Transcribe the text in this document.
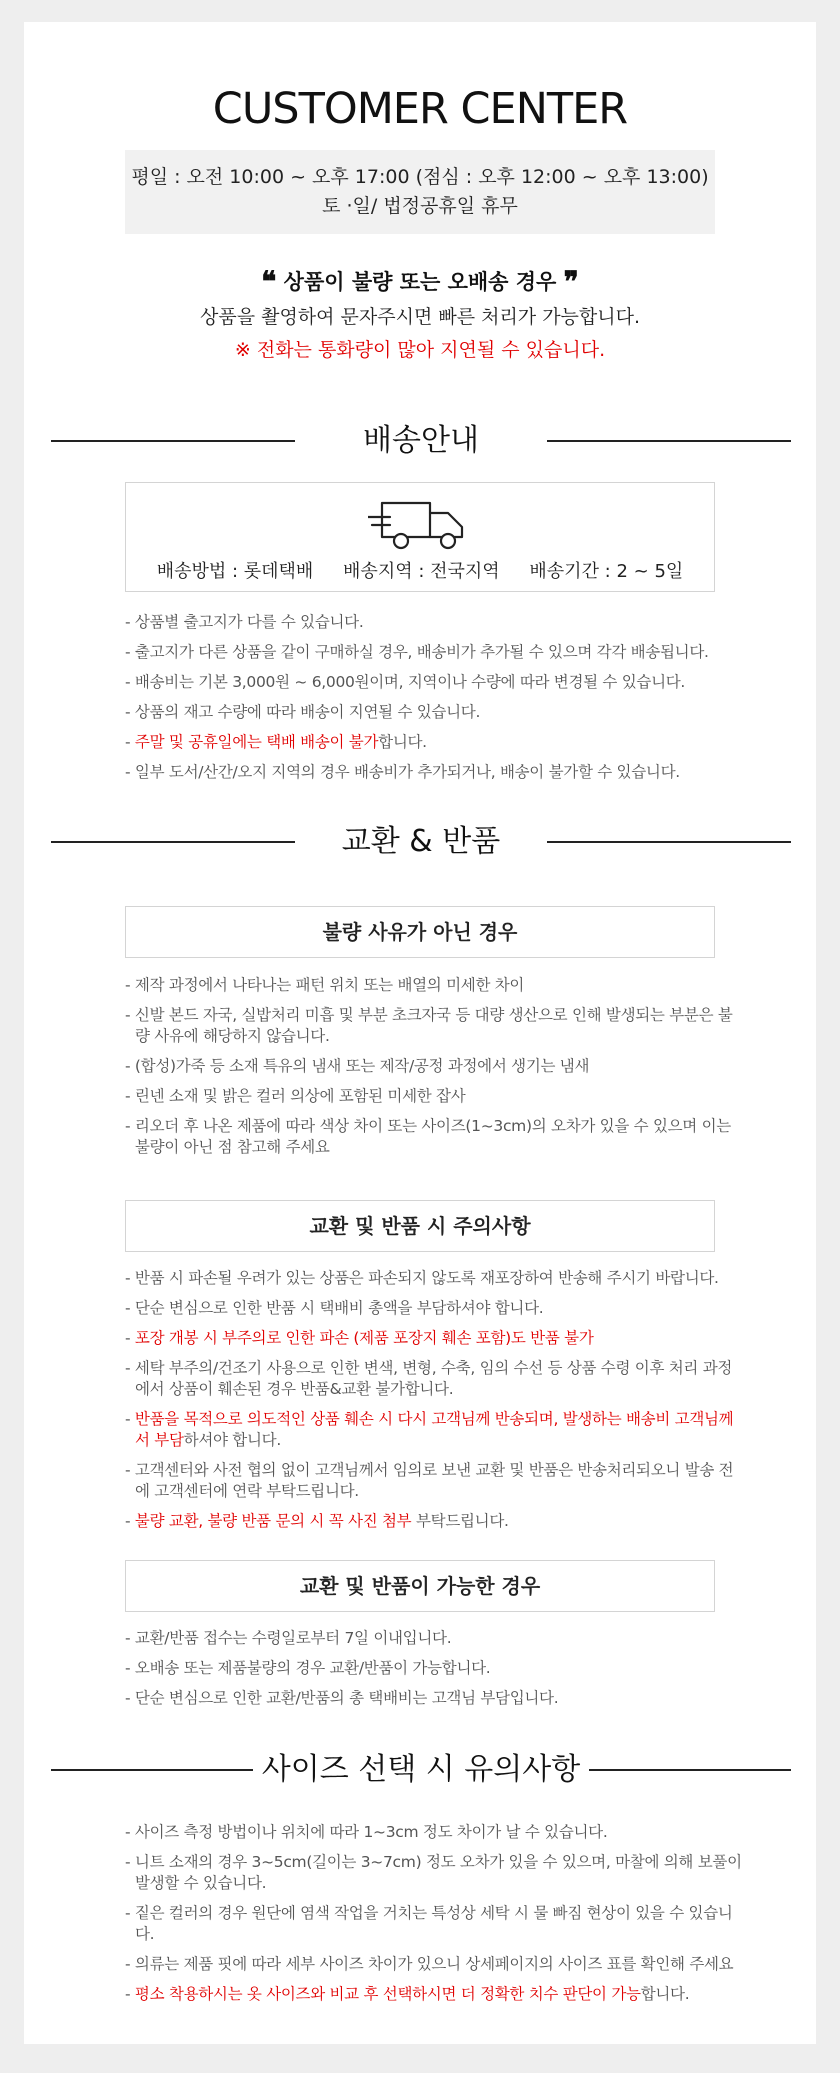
CUSTOMER CENTER
평일 : 오전 10:00 ~ 오후 17:00 (점심 : 오후 12:00 ~ 오후 13:00)
토 ·일/ 법정공휴일 휴무
❝ 상품이 불량 또는 오배송 경우 ❞
상품을 촬영하여 문자주시면 빠른 처리가 가능합니다.
※ 전화는 통화량이 많아 지연될 수 있습니다.
배송안내
배송방법 : 롯데택배 배송지역 : 전국지역 배송기간 : 2 ~ 5일
- 상품별 출고지가 다를 수 있습니다.
- 출고지가 다른 상품을 같이 구매하실 경우, 배송비가 추가될 수 있으며 각각 배송됩니다.
- 배송비는 기본 3,000원 ~ 6,000원이며, 지역이나 수량에 따라 변경될 수 있습니다.
- 상품의 재고 수량에 따라 배송이 지연될 수 있습니다.
- 주말 및 공휴일에는 택배 배송이 불가합니다.
- 일부 도서/산간/오지 지역의 경우 배송비가 추가되거나, 배송이 불가할 수 있습니다.
교환 & 반품
불량 사유가 아닌 경우
- 제작 과정에서 나타나는 패턴 위치 또는 배열의 미세한 차이
- 신발 본드 자국, 실밥처리 미흡 및 부분 초크자국 등 대량 생산으로 인해 발생되는 부분은 불량 사유에 해당하지 않습니다.
- (합성)가죽 등 소재 특유의 냄새 또는 제작/공정 과정에서 생기는 냄새
- 린넨 소재 및 밝은 컬러 의상에 포함된 미세한 잡사
- 리오더 후 나온 제품에 따라 색상 차이 또는 사이즈(1~3cm)의 오차가 있을 수 있으며 이는 불량이 아닌 점 참고해 주세요
교환 및 반품 시 주의사항
- 반품 시 파손될 우려가 있는 상품은 파손되지 않도록 재포장하여 반송해 주시기 바랍니다.
- 단순 변심으로 인한 반품 시 택배비 총액을 부담하셔야 합니다.
- 포장 개봉 시 부주의로 인한 파손 (제품 포장지 훼손 포함)도 반품 불가
- 세탁 부주의/건조기 사용으로 인한 변색, 변형, 수축, 임의 수선 등 상품 수령 이후 처리 과정에서 상품이 훼손된 경우 반품&교환 불가합니다.
- 반품을 목적으로 의도적인 상품 훼손 시 다시 고객님께 반송되며, 발생하는 배송비 고객님께서 부담하셔야 합니다.
- 고객센터와 사전 협의 없이 고객님께서 임의로 보낸 교환 및 반품은 반송처리되오니 발송 전에 고객센터에 연락 부탁드립니다.
- 불량 교환, 불량 반품 문의 시 꼭 사진 첨부 부탁드립니다.
교환 및 반품이 가능한 경우
- 교환/반품 접수는 수령일로부터 7일 이내입니다.
- 오배송 또는 제품불량의 경우 교환/반품이 가능합니다.
- 단순 변심으로 인한 교환/반품의 총 택배비는 고객님 부담입니다.
사이즈 선택 시 유의사항
- 사이즈 측정 방법이나 위치에 따라 1~3cm 정도 차이가 날 수 있습니다.
- 니트 소재의 경우 3~5cm(길이는 3~7cm) 정도 오차가 있을 수 있으며, 마찰에 의해 보풀이 발생할 수 있습니다.
- 짙은 컬러의 경우 원단에 염색 작업을 거치는 특성상 세탁 시 물 빠짐 현상이 있을 수 있습니다.
- 의류는 제품 핏에 따라 세부 사이즈 차이가 있으니 상세페이지의 사이즈 표를 확인해 주세요
- 평소 착용하시는 옷 사이즈와 비교 후 선택하시면 더 정확한 치수 판단이 가능합니다.
